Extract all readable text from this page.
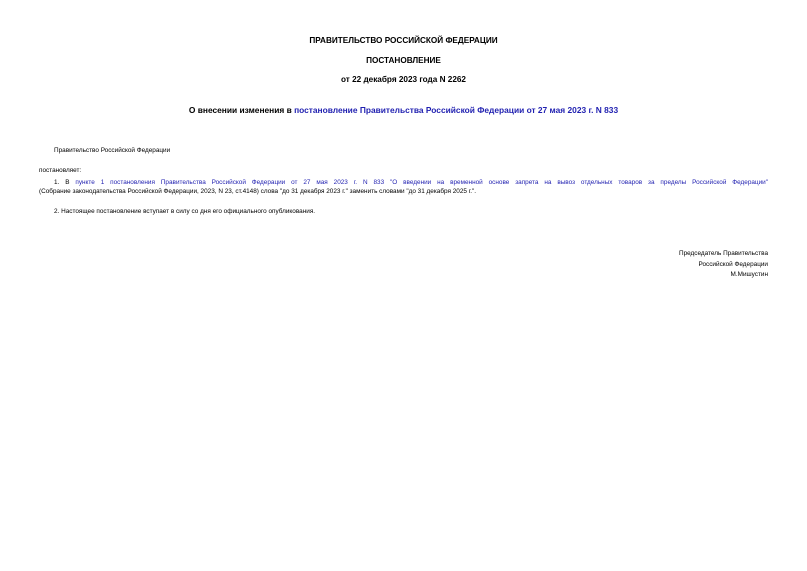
ПРАВИТЕЛЬСТВО РОССИЙСКОЙ ФЕДЕРАЦИИ
ПОСТАНОВЛЕНИЕ
от 22 декабря 2023 года N 2262
О внесении изменения в постановление Правительства Российской Федерации от 27 мая 2023 г. N 833
Правительство Российской Федерации
постановляет:
1. В пункте 1 постановления Правительства Российской Федерации от 27 мая 2023 г. N 833 "О введении на временной основе запрета на вывоз отдельных товаров за пределы Российской Федерации"
(Собрание законодательства Российской Федерации, 2023, N 23, ст.4148) слова "до 31 декабря 2023 г." заменить словами "до 31 декабря 2025 г.".
2. Настоящее постановление вступает в силу со дня его официального опубликования.
Председатель Правительства
Российской Федерации
М.Мишустин
